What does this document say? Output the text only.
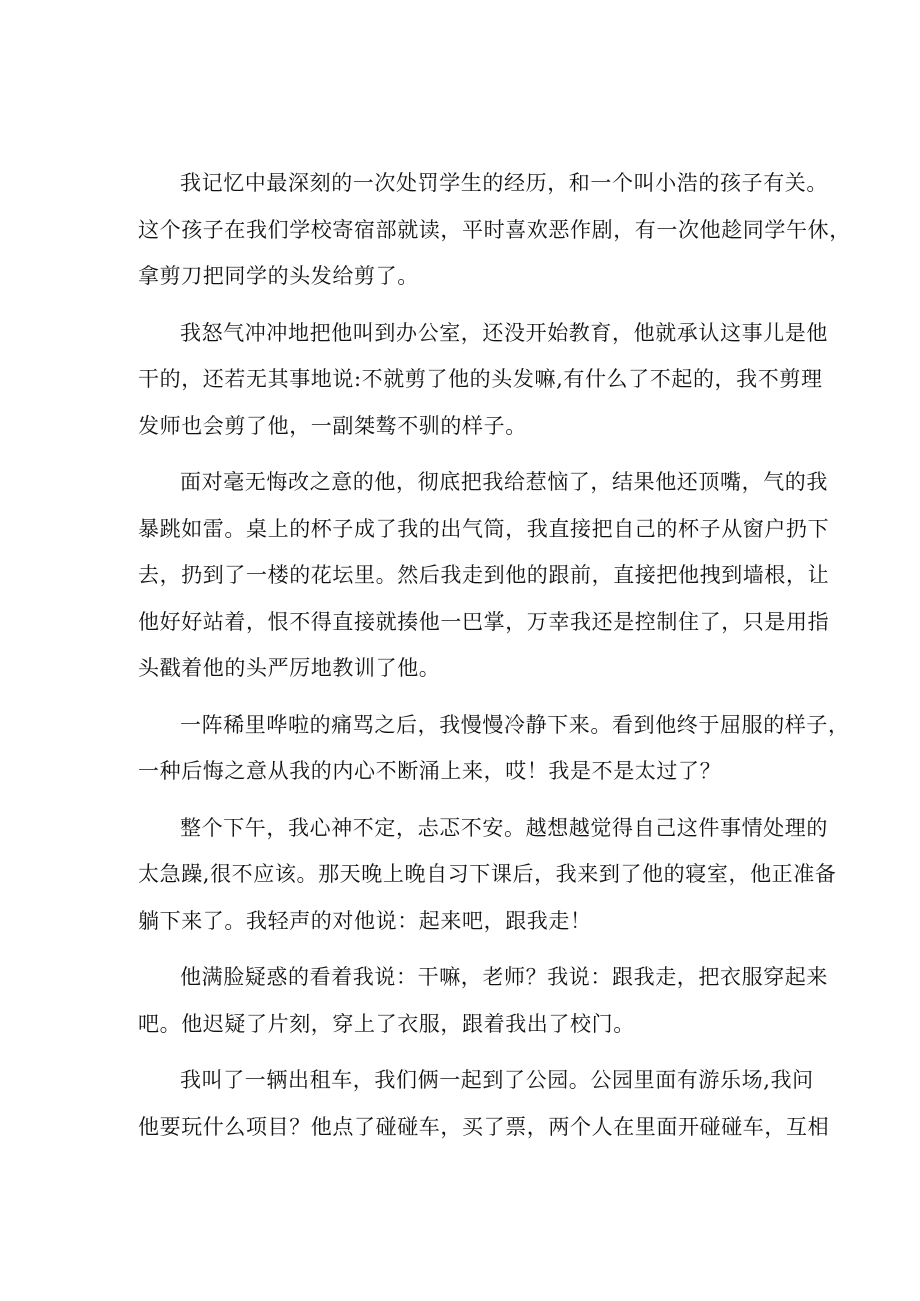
我记忆中最深刻的一次处罚学生的经历，和一个叫小浩的孩子有关。
这个孩子在我们学校寄宿部就读，平时喜欢恶作剧，有一次他趁同学午休，
拿剪刀把同学的头发给剪了。

我怒气冲冲地把他叫到办公室，还没开始教育，他就承认这事儿是他
干的，还若无其事地说:不就剪了他的头发嘛,有什么了不起的，我不剪理
发师也会剪了他，一副桀骜不驯的样子。

面对毫无悔改之意的他，彻底把我给惹恼了，结果他还顶嘴，气的我
暴跳如雷。桌上的杯子成了我的出气筒，我直接把自己的杯子从窗户扔下
去，扔到了一楼的花坛里。然后我走到他的跟前，直接把他拽到墙根，让
他好好站着，恨不得直接就揍他一巴掌，万幸我还是控制住了，只是用指
头戳着他的头严厉地教训了他。

一阵稀里哗啦的痛骂之后，我慢慢冷静下来。看到他终于屈服的样子，
一种后悔之意从我的内心不断涌上来，哎！我是不是太过了？

整个下午，我心神不定，忐忑不安。越想越觉得自己这件事情处理的
太急躁,很不应该。那天晚上晚自习下课后，我来到了他的寝室，他正准备
躺下来了。我轻声的对他说：起来吧，跟我走！

他满脸疑惑的看着我说：干嘛，老师？我说：跟我走，把衣服穿起来
吧。他迟疑了片刻，穿上了衣服，跟着我出了校门。

我叫了一辆出租车，我们俩一起到了公园。公园里面有游乐场,我问
他要玩什么项目？他点了碰碰车，买了票，两个人在里面开碰碰车，互相
